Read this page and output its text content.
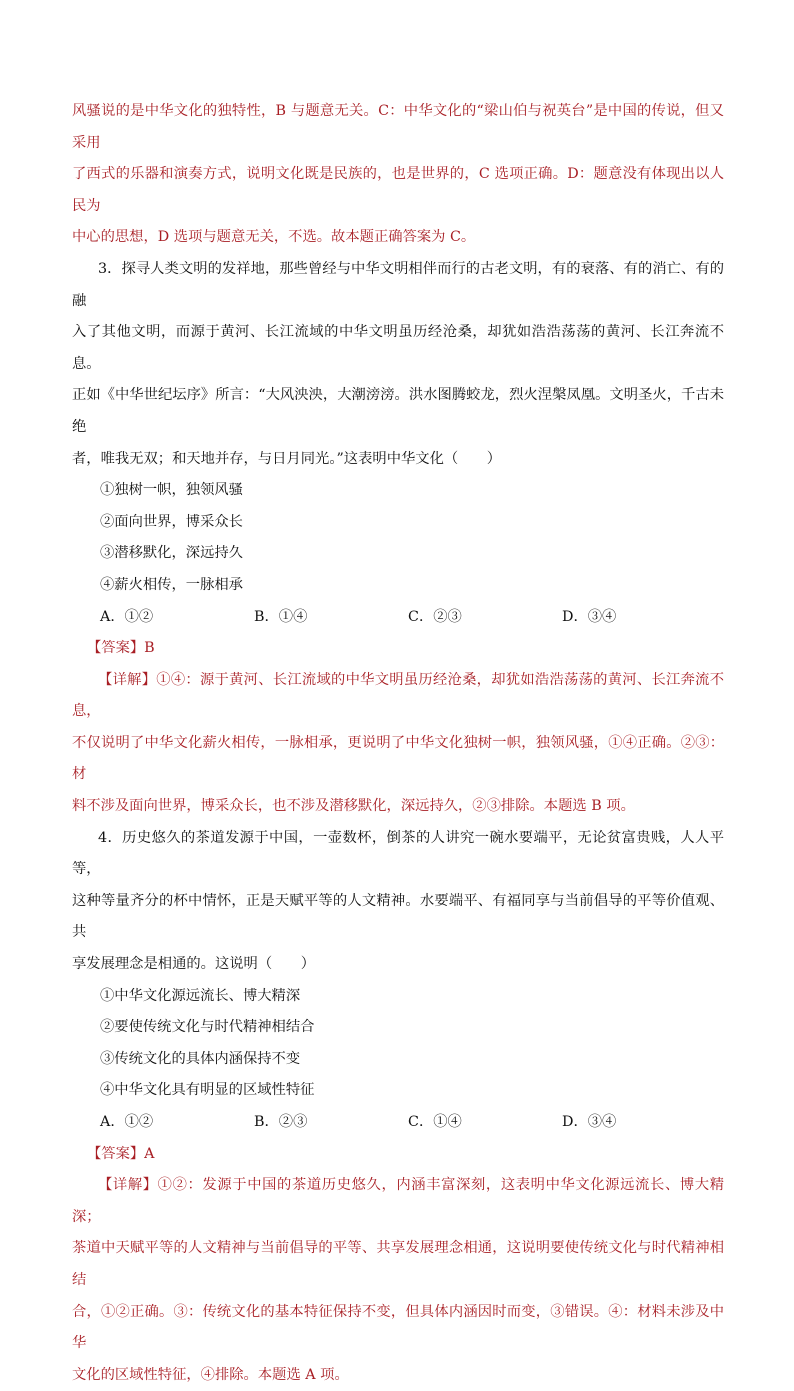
风骚说的是中华文化的独特性，B 与题意无关。C：中华文化的“梁山伯与祝英台”是中国的传说，但又采用

了西式的乐器和演奏方式，说明文化既是民族的，也是世界的，C 选项正确。D：题意没有体现出以人民为

中心的思想，D 选项与题意无关，不选。故本题正确答案为 C。

3．探寻人类文明的发祥地，那些曾经与中华文明相伴而行的古老文明，有的衰落、有的消亡、有的融

入了其他文明，而源于黄河、长江流域的中华文明虽历经沧桑，却犹如浩浩荡荡的黄河、长江奔流不息。

正如《中华世纪坛序》所言：“大风泱泱，大潮滂滂。洪水图腾蛟龙，烈火涅槃凤凰。文明圣火，千古未绝

者，唯我无双；和天地并存，与日月同光。”这表明中华文化（　　）

①独树一帜，独领风骚

②面向世界，博采众长

③潜移默化，深远持久

④薪火相传，一脉相承

A．①②	B．①④	C．②③	D．③④

【答案】B

【详解】①④：源于黄河、长江流域的中华文明虽历经沧桑，却犹如浩浩荡荡的黄河、长江奔流不息，

不仅说明了中华文化薪火相传，一脉相承，更说明了中华文化独树一帜，独领风骚，①④正确。②③：材

料不涉及面向世界，博采众长，也不涉及潜移默化，深远持久，②③排除。本题选 B 项。

4．历史悠久的茶道发源于中国，一壶数杯，倒茶的人讲究一碗水要端平，无论贫富贵贱，人人平等，

这种等量齐分的杯中情怀，正是天赋平等的人文精神。水要端平、有福同享与当前倡导的平等价值观、共

享发展理念是相通的。这说明（　　）

①中华文化源远流长、博大精深

②要使传统文化与时代精神相结合

③传统文化的具体内涵保持不变

④中华文化具有明显的区域性特征

A．①②	B．②③	C．①④	D．③④

【答案】A

【详解】①②：发源于中国的茶道历史悠久，内涵丰富深刻，这表明中华文化源远流长、博大精深；

茶道中天赋平等的人文精神与当前倡导的平等、共享发展理念相通，这说明要使传统文化与时代精神相结

合，①②正确。③：传统文化的基本特征保持不变，但具体内涵因时而变，③错误。④：材料未涉及中华

文化的区域性特征，④排除。本题选 A 项。
